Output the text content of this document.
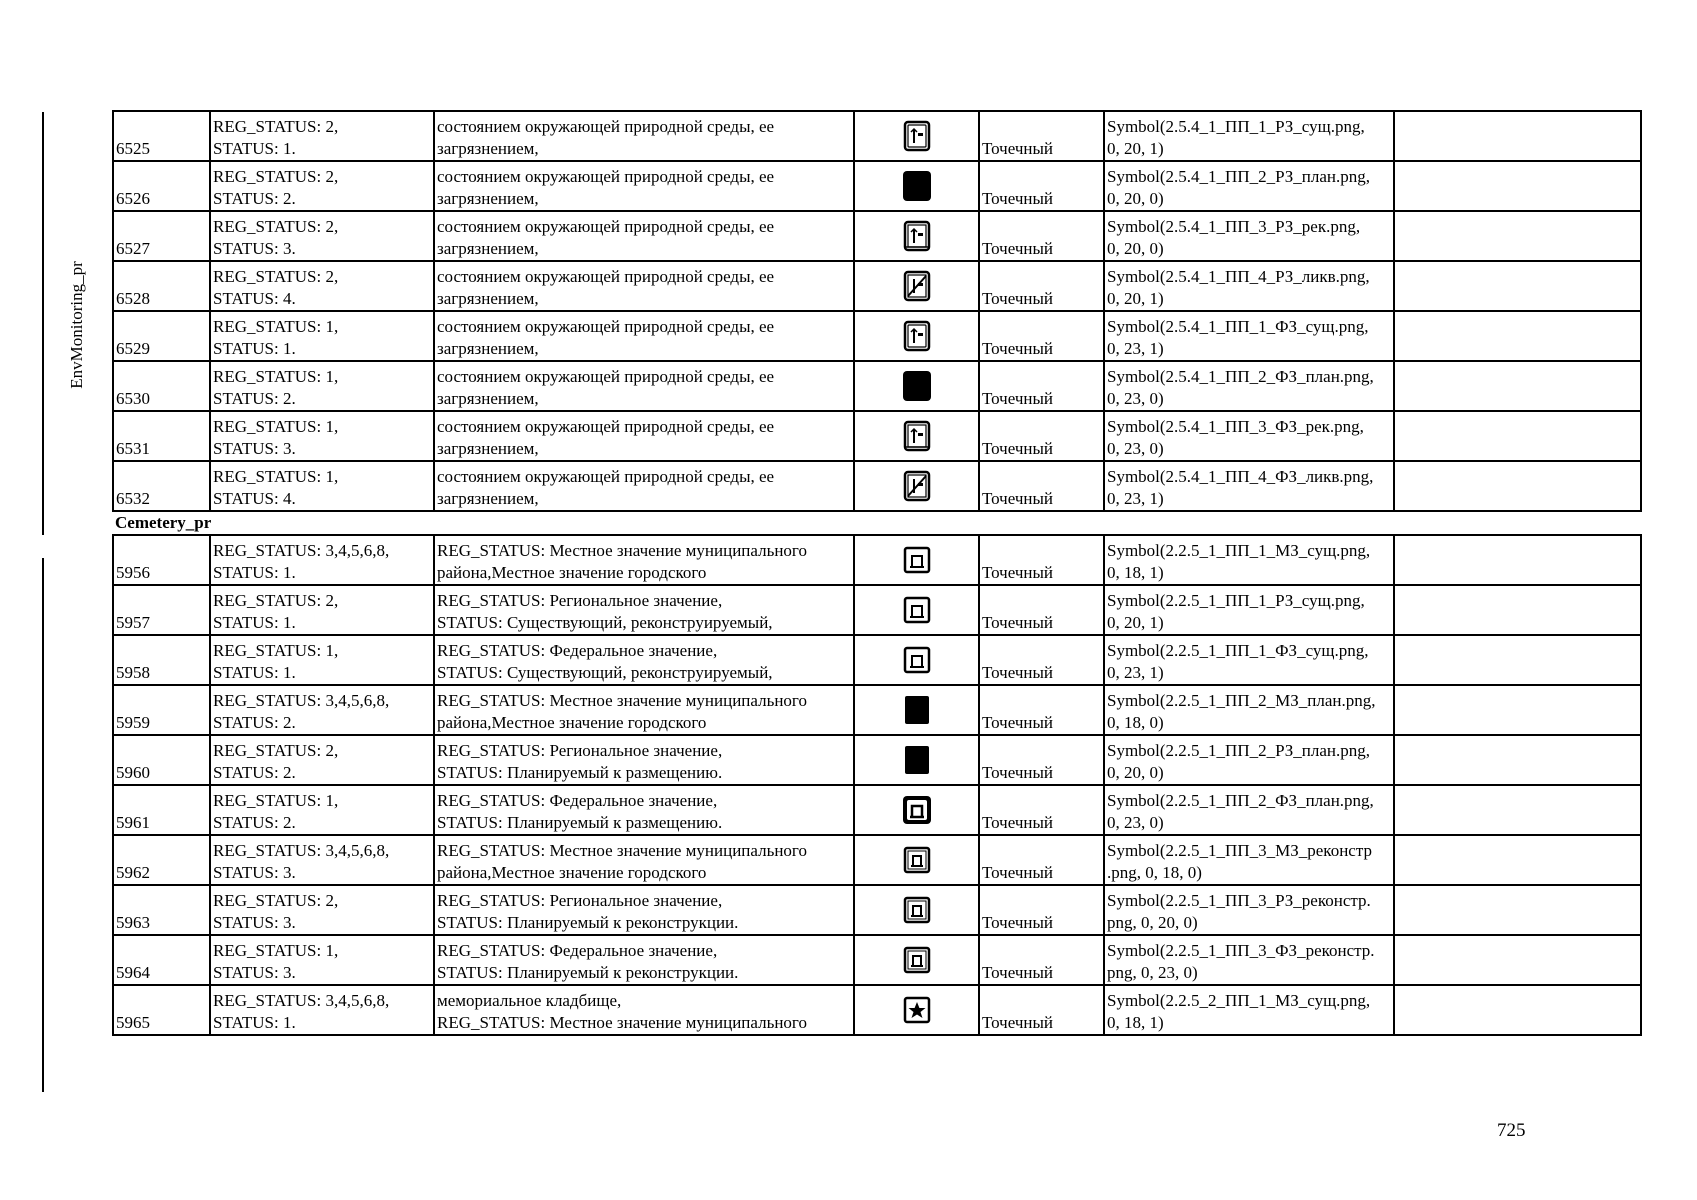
EnvMonitoring_pr
6525	REG_STATUS: 2,
STATUS: 1.	состоянием окружающей природной среды, ее
загрязнением,		Точечный	Symbol(2.5.4_1_ПП_1_РЗ_сущ.png,
0, 20, 1)	

6526	REG_STATUS: 2,
STATUS: 2.	состоянием окружающей природной среды, ее
загрязнением,		Точечный	Symbol(2.5.4_1_ПП_2_РЗ_план.png,
0, 20, 0)	

6527	REG_STATUS: 2,
STATUS: 3.	состоянием окружающей природной среды, ее
загрязнением,		Точечный	Symbol(2.5.4_1_ПП_3_РЗ_рек.png,
0, 20, 0)	

6528	REG_STATUS: 2,
STATUS: 4.	состоянием окружающей природной среды, ее
загрязнением,		Точечный	Symbol(2.5.4_1_ПП_4_РЗ_ликв.png,
0, 20, 1)	

6529	REG_STATUS: 1,
STATUS: 1.	состоянием окружающей природной среды, ее
загрязнением,		Точечный	Symbol(2.5.4_1_ПП_1_ФЗ_сущ.png,
0, 23, 1)	

6530	REG_STATUS: 1,
STATUS: 2.	состоянием окружающей природной среды, ее
загрязнением,		Точечный	Symbol(2.5.4_1_ПП_2_ФЗ_план.png,
0, 23, 0)	

6531	REG_STATUS: 1,
STATUS: 3.	состоянием окружающей природной среды, ее
загрязнением,		Точечный	Symbol(2.5.4_1_ПП_3_ФЗ_рек.png,
0, 23, 0)	

6532	REG_STATUS: 1,
STATUS: 4.	состоянием окружающей природной среды, ее
загрязнением,		Точечный	Symbol(2.5.4_1_ПП_4_ФЗ_ликв.png,
0, 23, 1)	

Cemetery_pr						
5956	REG_STATUS: 3,4,5,6,8,
STATUS: 1.	REG_STATUS: Местное значение муниципального
района,Местное значение городского		Точечный	Symbol(2.2.5_1_ПП_1_МЗ_сущ.png,
0, 18, 1)	

5957	REG_STATUS: 2,
STATUS: 1.	REG_STATUS: Региональное значение,
STATUS: Существующий, реконструируемый,		Точечный	Symbol(2.2.5_1_ПП_1_РЗ_сущ.png,
0, 20, 1)	

5958	REG_STATUS: 1,
STATUS: 1.	REG_STATUS: Федеральное значение,
STATUS: Существующий, реконструируемый,		Точечный	Symbol(2.2.5_1_ПП_1_ФЗ_сущ.png,
0, 23, 1)	

5959	REG_STATUS: 3,4,5,6,8,
STATUS: 2.	REG_STATUS: Местное значение муниципального
района,Местное значение городского		Точечный	Symbol(2.2.5_1_ПП_2_МЗ_план.png,
0, 18, 0)	

5960	REG_STATUS: 2,
STATUS: 2.	REG_STATUS: Региональное значение,
STATUS: Планируемый к размещению.		Точечный	Symbol(2.2.5_1_ПП_2_РЗ_план.png,
0, 20, 0)	

5961	REG_STATUS: 1,
STATUS: 2.	REG_STATUS: Федеральное значение,
STATUS: Планируемый к размещению.		Точечный	Symbol(2.2.5_1_ПП_2_ФЗ_план.png,
0, 23, 0)	

5962	REG_STATUS: 3,4,5,6,8,
STATUS: 3.	REG_STATUS: Местное значение муниципального
района,Местное значение городского		Точечный	Symbol(2.2.5_1_ПП_3_МЗ_реконстр
.png, 0, 18, 0)	

5963	REG_STATUS: 2,
STATUS: 3.	REG_STATUS: Региональное значение,
STATUS: Планируемый к реконструкции.		Точечный	Symbol(2.2.5_1_ПП_3_РЗ_реконстр.
png, 0, 20, 0)	

5964	REG_STATUS: 1,
STATUS: 3.	REG_STATUS: Федеральное значение,
STATUS: Планируемый к реконструкции.		Точечный	Symbol(2.2.5_1_ПП_3_ФЗ_реконстр.
png, 0, 23, 0)	

5965	REG_STATUS: 3,4,5,6,8,
STATUS: 1.	мемориальное кладбище,
REG_STATUS: Местное значение муниципального		Точечный	Symbol(2.2.5_2_ПП_1_МЗ_сущ.png,
0, 18, 1)	

725
